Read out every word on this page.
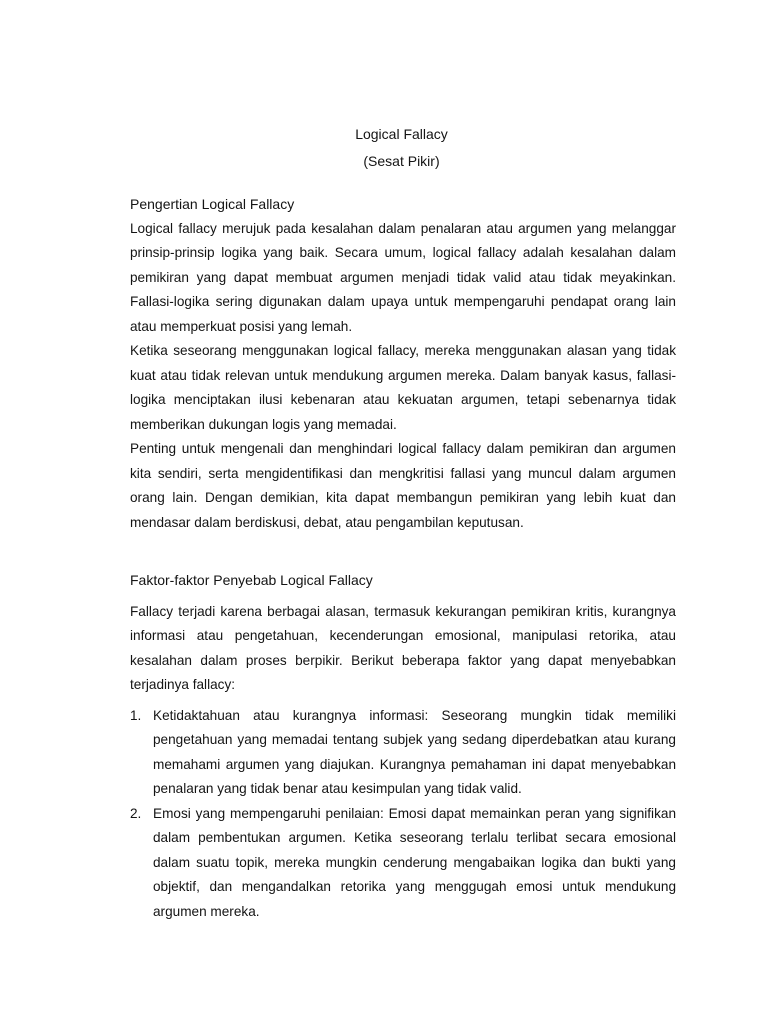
Logical Fallacy
(Sesat Pikir)
Pengertian Logical Fallacy

Logical fallacy merujuk pada kesalahan dalam penalaran atau argumen yang melanggar prinsip-prinsip logika yang baik. Secara umum, logical fallacy adalah kesalahan dalam pemikiran yang dapat membuat argumen menjadi tidak valid atau tidak meyakinkan. Fallasi-logika sering digunakan dalam upaya untuk mempengaruhi pendapat orang lain atau memperkuat posisi yang lemah.

Ketika seseorang menggunakan logical fallacy, mereka menggunakan alasan yang tidak kuat atau tidak relevan untuk mendukung argumen mereka. Dalam banyak kasus, fallasi-logika menciptakan ilusi kebenaran atau kekuatan argumen, tetapi sebenarnya tidak memberikan dukungan logis yang memadai.

Penting untuk mengenali dan menghindari logical fallacy dalam pemikiran dan argumen kita sendiri, serta mengidentifikasi dan mengkritisi fallasi yang muncul dalam argumen orang lain. Dengan demikian, kita dapat membangun pemikiran yang lebih kuat dan mendasar dalam berdiskusi, debat, atau pengambilan keputusan.

Faktor-faktor Penyebab Logical Fallacy

Fallacy terjadi karena berbagai alasan, termasuk kekurangan pemikiran kritis, kurangnya informasi atau pengetahuan, kecenderungan emosional, manipulasi retorika, atau kesalahan dalam proses berpikir. Berikut beberapa faktor yang dapat menyebabkan terjadinya fallacy:

1. Ketidaktahuan atau kurangnya informasi: Seseorang mungkin tidak memiliki pengetahuan yang memadai tentang subjek yang sedang diperdebatkan atau kurang memahami argumen yang diajukan. Kurangnya pemahaman ini dapat menyebabkan penalaran yang tidak benar atau kesimpulan yang tidak valid.
2. Emosi yang mempengaruhi penilaian: Emosi dapat memainkan peran yang signifikan dalam pembentukan argumen. Ketika seseorang terlalu terlibat secara emosional dalam suatu topik, mereka mungkin cenderung mengabaikan logika dan bukti yang objektif, dan mengandalkan retorika yang menggugah emosi untuk mendukung argumen mereka.
